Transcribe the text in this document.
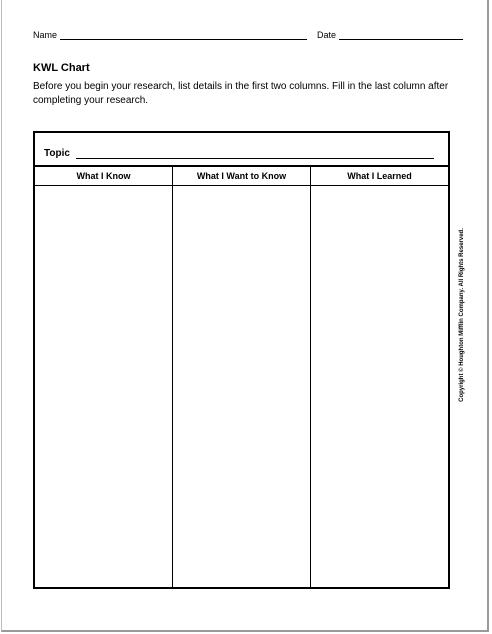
Name	Date
KWL Chart
Before you begin your research, list details in the first two columns. Fill in the last column after completing your research.
Topic
What I Know	What I Want to Know	What I Learned
Copyright © Houghton Mifflin Company. All Rights Reserved.
